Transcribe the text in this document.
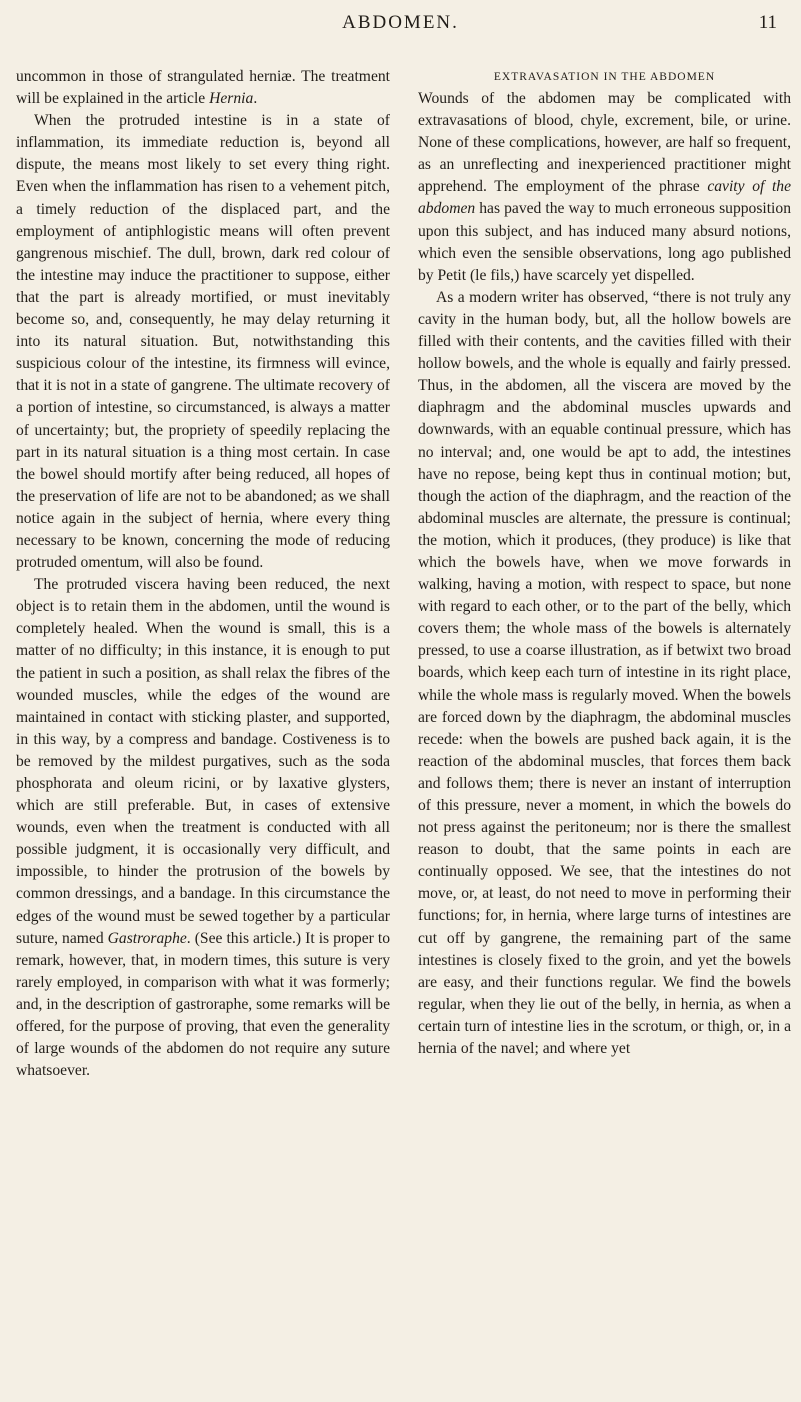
ABDOMEN.	11

uncommon in those of strangulated herniæ. The treatment will be explained in the article Hernia.

When the protruded intestine is in a state of inflammation, its immediate reduction is, beyond all dispute, the means most likely to set every thing right. Even when the inflammation has risen to a vehement pitch, a timely reduction of the displaced part, and the employment of antiphlogistic means will often prevent gangrenous mischief. The dull, brown, dark red colour of the intestine may induce the practitioner to suppose, either that the part is already mortified, or must inevitably become so, and, consequently, he may delay returning it into its natural situation. But, notwithstanding this suspicious colour of the intestine, its firmness will evince, that it is not in a state of gangrene. The ultimate recovery of a portion of intestine, so circumstanced, is always a matter of uncertainty; but, the propriety of speedily replacing the part in its natural situation is a thing most certain. In case the bowel should mortify after being reduced, all hopes of the preservation of life are not to be abandoned; as we shall notice again in the subject of hernia, where every thing necessary to be known, concerning the mode of reducing protruded omentum, will also be found.

The protruded viscera having been reduced, the next object is to retain them in the abdomen, until the wound is completely healed. When the wound is small, this is a matter of no difficulty; in this instance, it is enough to put the patient in such a position, as shall relax the fibres of the wounded muscles, while the edges of the wound are maintained in contact with sticking plaster, and supported, in this way, by a compress and bandage. Costiveness is to be removed by the mildest purgatives, such as the soda phosphorata and oleum ricini, or by laxative glysters, which are still preferable. But, in cases of extensive wounds, even when the treatment is conducted with all possible judgment, it is occasionally very difficult, and impossible, to hinder the protrusion of the bowels by common dressings, and a bandage. In this circumstance the edges of the wound must be sewed together by a particular suture, named Gastroraphe. (See this article.) It is proper to remark, however, that, in modern times, this suture is very rarely employed, in comparison with what it was formerly; and, in the description of gastroraphe, some remarks will be offered, for the purpose of proving, that even the generality of large wounds of the abdomen do not require any suture whatsoever.

EXTRAVASATION IN THE ABDOMEN

Wounds of the abdomen may be complicated with extravasations of blood, chyle, excrement, bile, or urine. None of these complications, however, are half so frequent, as an unreflecting and inexperienced practitioner might apprehend. The employment of the phrase cavity of the abdomen has paved the way to much erroneous supposition upon this subject, and has induced many absurd notions, which even the sensible observations, long ago published by Petit (le fils,) have scarcely yet dispelled.

As a modern writer has observed, “there is not truly any cavity in the human body, but, all the hollow bowels are filled with their contents, and the cavities filled with their hollow bowels, and the whole is equally and fairly pressed. Thus, in the abdomen, all the viscera are moved by the diaphragm and the abdominal muscles upwards and downwards, with an equable continual pressure, which has no interval; and, one would be apt to add, the intestines have no repose, being kept thus in continual motion; but, though the action of the diaphragm, and the reaction of the abdominal muscles are alternate, the pressure is continual; the motion, which it produces, (they produce) is like that which the bowels have, when we move forwards in walking, having a motion, with respect to space, but none with regard to each other, or to the part of the belly, which covers them; the whole mass of the bowels is alternately pressed, to use a coarse illustration, as if betwixt two broad boards, which keep each turn of intestine in its right place, while the whole mass is regularly moved. When the bowels are forced down by the diaphragm, the abdominal muscles recede: when the bowels are pushed back again, it is the reaction of the abdominal muscles, that forces them back and follows them; there is never an instant of interruption of this pressure, never a moment, in which the bowels do not press against the peritoneum; nor is there the smallest reason to doubt, that the same points in each are continually opposed. We see, that the intestines do not move, or, at least, do not need to move in performing their functions; for, in hernia, where large turns of intestines are cut off by gangrene, the remaining part of the same intestines is closely fixed to the groin, and yet the bowels are easy, and their functions regular. We find the bowels regular, when they lie out of the belly, in hernia, as when a certain turn of intestine lies in the scrotum, or thigh, or, in a hernia of the navel; and where yet
